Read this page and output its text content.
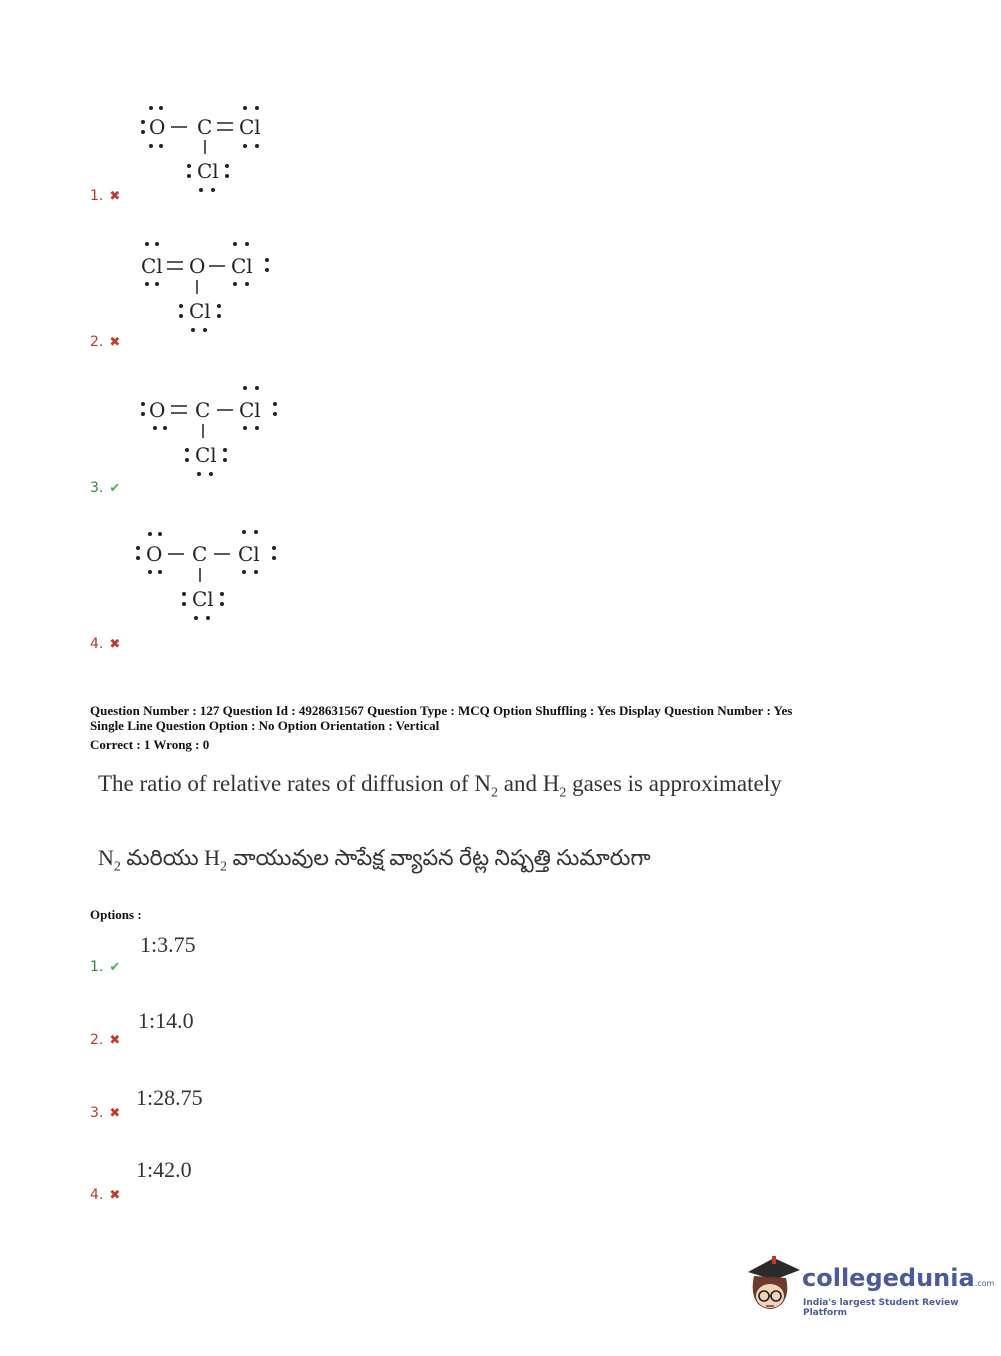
O C Cl
Cl
1. ✖
Cl O Cl
Cl
2. ✖
O C Cl
Cl
3. ✔
O C Cl
Cl
4. ✖
Question Number : 127 Question Id : 4928631567 Question Type : MCQ Option Shuffling : Yes Display Question Number : Yes
Single Line Question Option : No Option Orientation : Vertical
Correct : 1 Wrong : 0
The ratio of relative rates of diffusion of $N_2$ and $H_2$ gases is approximately
$N_2$ మరియు $H_2$ వాయువుల సాపేక్ష వ్యాపన రేట్ల నిష్పత్తి సుమారుగా
Options :
1:3.75
1. ✔
1:14.0
2. ✖
1:28.75
3. ✖
1:42.0
4. ✖
collegedunia.com
India's largest Student Review Platform
